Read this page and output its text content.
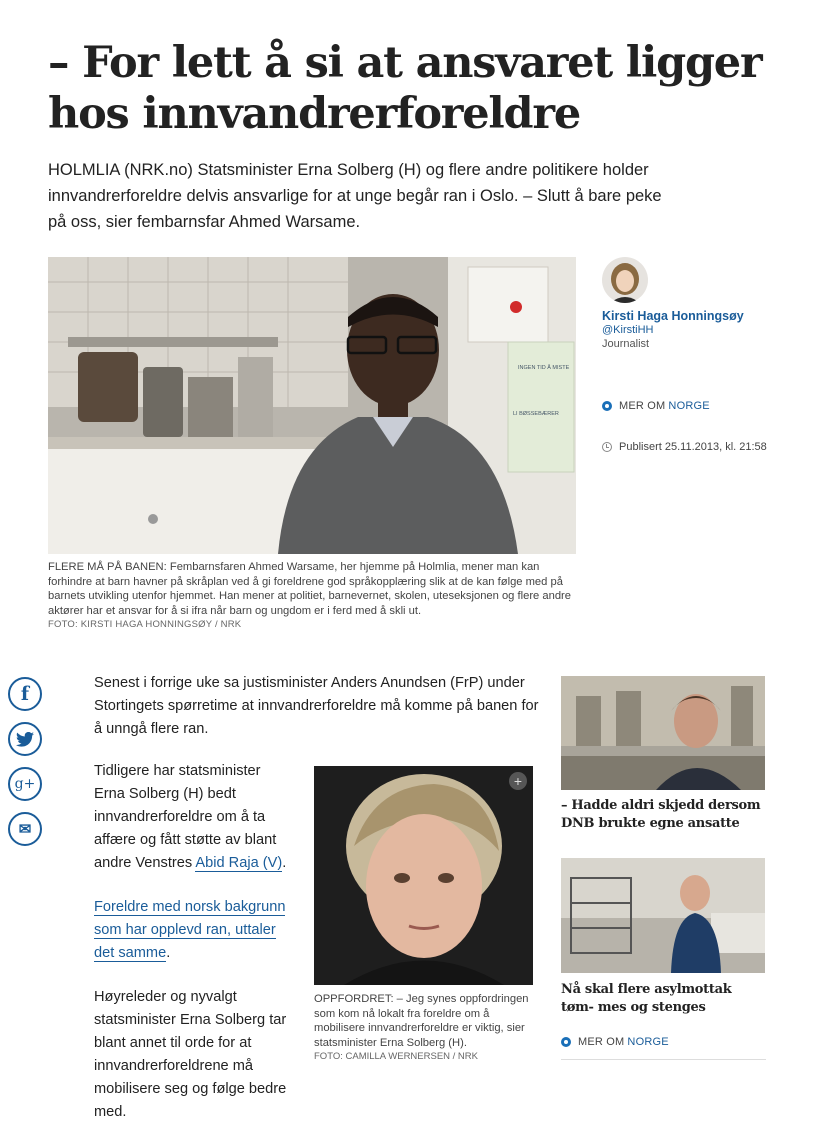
– For lett å si at ansvaret ligger hos innvandrerforeldre

HOLMLIA (NRK.no) Statsminister Erna Solberg (H) og flere andre politikere holder innvandrerforeldre delvis ansvarlige for at unge begår ran i Oslo. – Slutt å bare peke på oss, sier fembarnsfar Ahmed Warsame.

INGEN TID Å MISTE
LI BØSSEBÆRER
FLERE MÅ PÅ BANEN: Fembarnsfaren Ahmed Warsame, her hjemme på Holmlia, mener man kan forhindre at barn havner på skråplan ved å gi foreldrene god språkopplæring slik at de kan følge med på barnets utvikling utenfor hjemmet. Han mener at politiet, barnevernet, skolen, uteseksjonen og flere andre aktører har et ansvar for å si ifra når barn og ungdom er i ferd med å skli ut.
FOTO: KIRSTI HAGA HONNINGSØY / NRK
Kirsti Haga Honningsøy
@KirstiHH
Journalist
MER OM NORGE
Publisert 25.11.2013, kl. 21:58
f
g+
✉

Senest i forrige uke sa justisminister Anders Anundsen (FrP) under Stortingets spørretime at innvandrerforeldre må komme på banen for å unngå flere ran.

Tidligere har statsminister Erna Solberg (H) bedt innvandrerforeldre om å ta affære og fått støtte av blant andre Venstres Abid Raja (V).

Foreldre med norsk bakgrunn som har opplevd ran, uttaler det samme.

Høyreleder og nyvalgt statsminister Erna Solberg tar blant annet til orde for at innvandrerforeldrene må mobilisere seg og følge bedre med.

+
OPPFORDRET: – Jeg synes oppfordringen som kom nå lokalt fra foreldre om å mobilisere innvandrerforeldre er viktig, sier statsminister Erna Solberg (H).
FOTO: CAMILLA WERNERSEN / NRK
– Hadde aldri skjedd dersom DNB brukte egne ansatte
Nå skal flere asylmottak tøm- mes og stenges
MER OM NORGE
